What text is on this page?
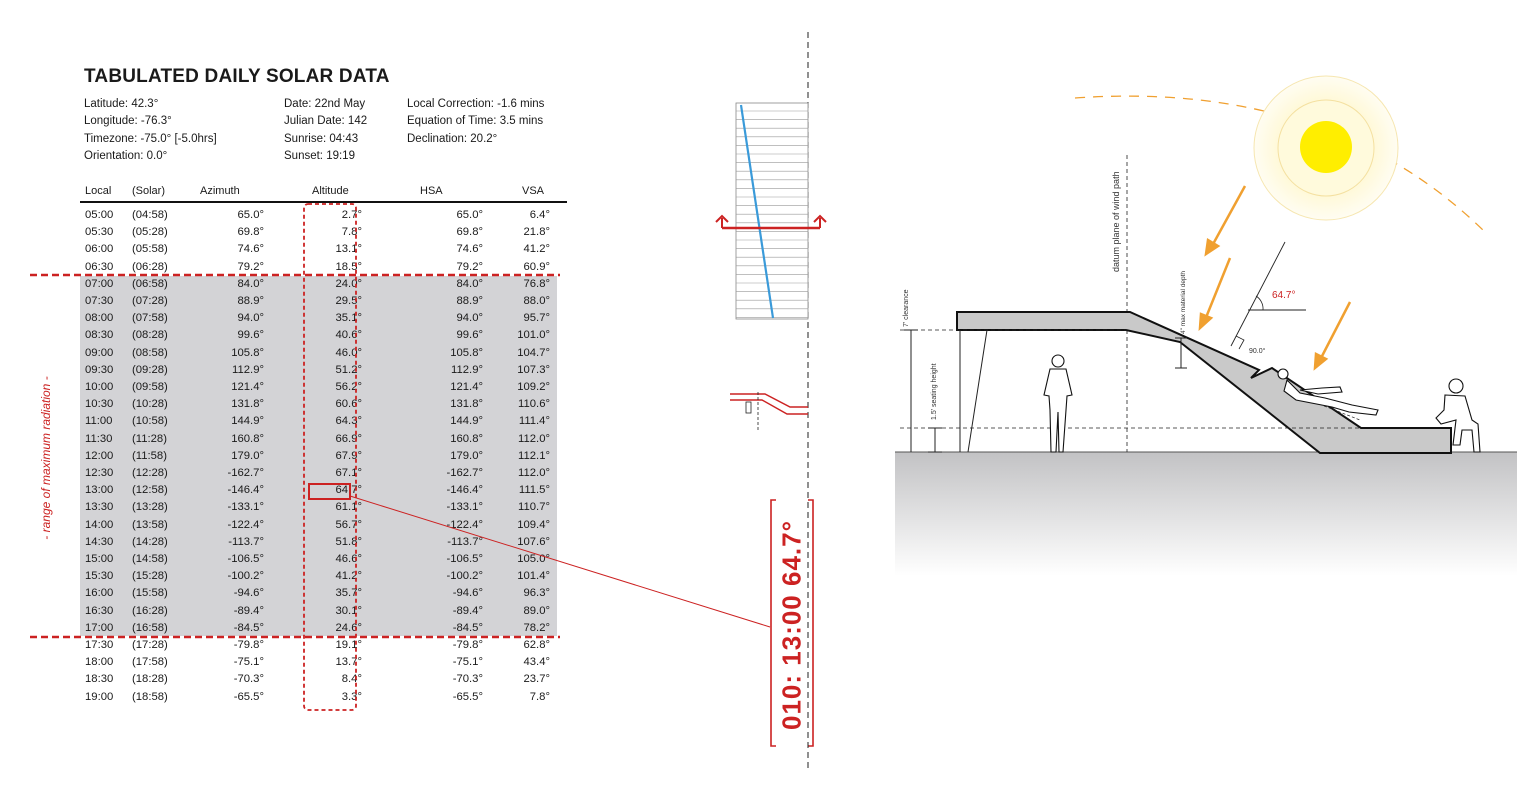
TABULATED DAILY SOLAR DATA
Latitude: 42.3°
Longitude: -76.3°
Timezone: -75.0° [-5.0hrs]
Orientation: 0.0°
Date: 22nd May
Julian Date: 142
Sunrise: 04:43
Sunset: 19:19
Local Correction: -1.6 mins
Equation of Time: 3.5 mins
Declination: 20.2°
Local (Solar)	Azimuth	Altitude	HSA	VSA
05:00 (04:58)	65.0°	2.7°	65.0°	6.4°
05:30 (05:28)	69.8°	7.8°	69.8°	21.8°
06:00 (05:58)	74.6°	13.1°	74.6°	41.2°
06:30 (06:28)	79.2°	18.5°	79.2°	60.9°
07:00 (06:58)	84.0°	24.0°	84.0°	76.8°
07:30 (07:28)	88.9°	29.5°	88.9°	88.0°
08:00 (07:58)	94.0°	35.1°	94.0°	95.7°
08:30 (08:28)	99.6°	40.6°	99.6°	101.0°
09:00 (08:58)	105.8°	46.0°	105.8°	104.7°
09:30 (09:28)	112.9°	51.2°	112.9°	107.3°
10:00 (09:58)	121.4°	56.2°	121.4°	109.2°
10:30 (10:28)	131.8°	60.6°	131.8°	110.6°
11:00 (10:58)	144.9°	64.3°	144.9°	111.4°
11:30 (11:28)	160.8°	66.9°	160.8°	112.0°
12:00 (11:58)	179.0°	67.9°	179.0°	112.1°
12:30 (12:28)	-162.7°	67.1°	-162.7°	112.0°
13:00 (12:58)	-146.4°	64.7°	-146.4°	111.5°
13:30 (13:28)	-133.1°	61.1°	-133.1°	110.7°
14:00 (13:58)	-122.4°	56.7°	-122.4°	109.4°
14:30 (14:28)	-113.7°	51.8°	-113.7°	107.6°
15:00 (14:58)	-106.5°	46.6°	-106.5°	105.0°
15:30 (15:28)	-100.2°	41.2°	-100.2°	101.4°
16:00 (15:58)	-94.6°	35.7°	-94.6°	96.3°
16:30 (16:28)	-89.4°	30.1°	-89.4°	89.0°
17:00 (16:58)	-84.5°	24.6°	-84.5°	78.2°
17:30 (17:28)	-79.8°	19.1°	-79.8°	62.8°
18:00 (17:58)	-75.1°	13.7°	-75.1°	43.4°
18:30 (18:28)	-70.3°	8.4°	-70.3°	23.7°
19:00 (18:58)	-65.5°	3.3°	-65.5°	7.8°
- range of maximum radiation -
010: 13:00 64.7°
datum plane of wind path
7' clearance
1.5' seating height
4" max material depth	64.7°
90.0°
